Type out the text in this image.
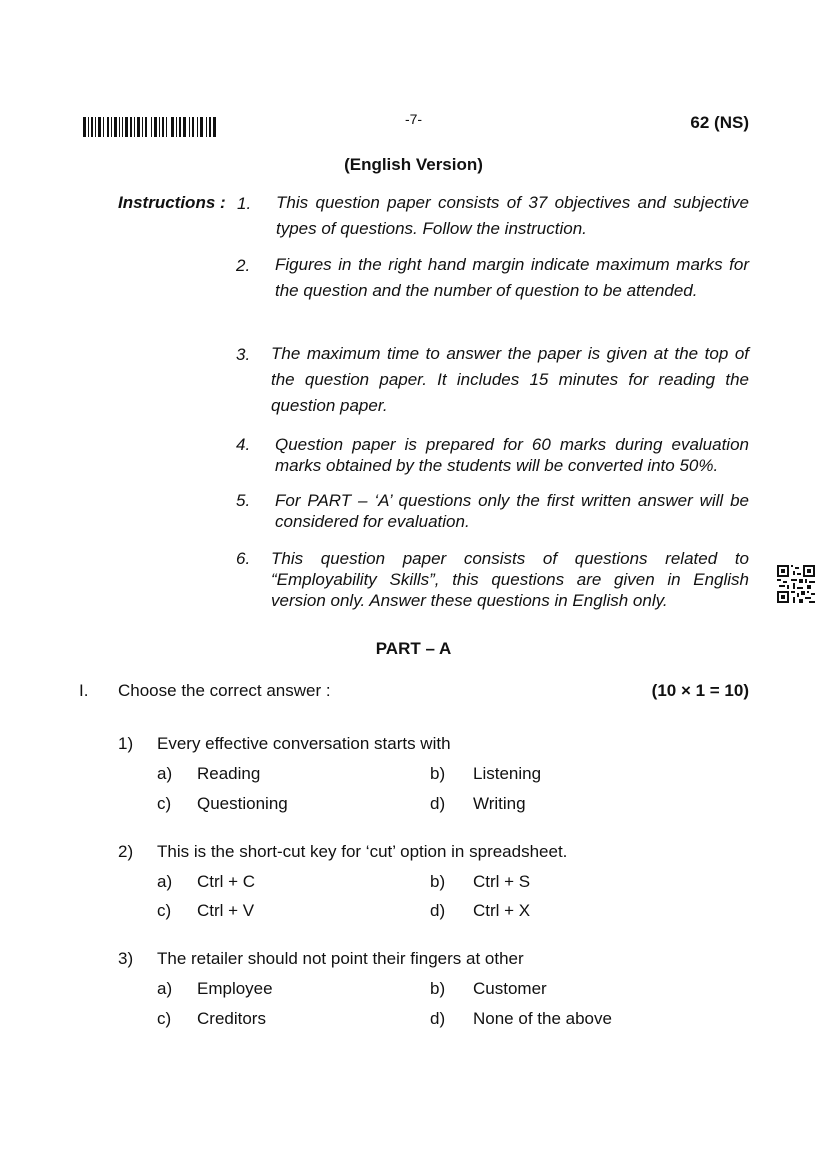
-7-	62 (NS)
(English Version)
Instructions : 1. This question paper consists of 37 objectives and subjective types of questions. Follow the instruction.
2. Figures in the right hand margin indicate maximum marks for the question and the number of question to be attended.
3. The maximum time to answer the paper is given at the top of the question paper. It includes 15 minutes for reading the question paper.
4. Question paper is prepared for 60 marks during evaluation marks obtained by the students will be converted into 50%.
5. For PART – ‘A’ questions only the first written answer will be considered for evaluation.
6. This question paper consists of questions related to “Employability Skills”, this questions are given in English version only. Answer these questions in English only.
PART – A
I. Choose the correct answer :	(10 × 1 = 10)
1) Every effective conversation starts with
a) Reading	b) Listening
c) Questioning	d) Writing
2) This is the short-cut key for ‘cut’ option in spreadsheet.
a) Ctrl + C	b) Ctrl + S
c) Ctrl + V	d) Ctrl + X
3) The retailer should not point their fingers at other
a) Employee	b) Customer
c) Creditors	d) None of the above
